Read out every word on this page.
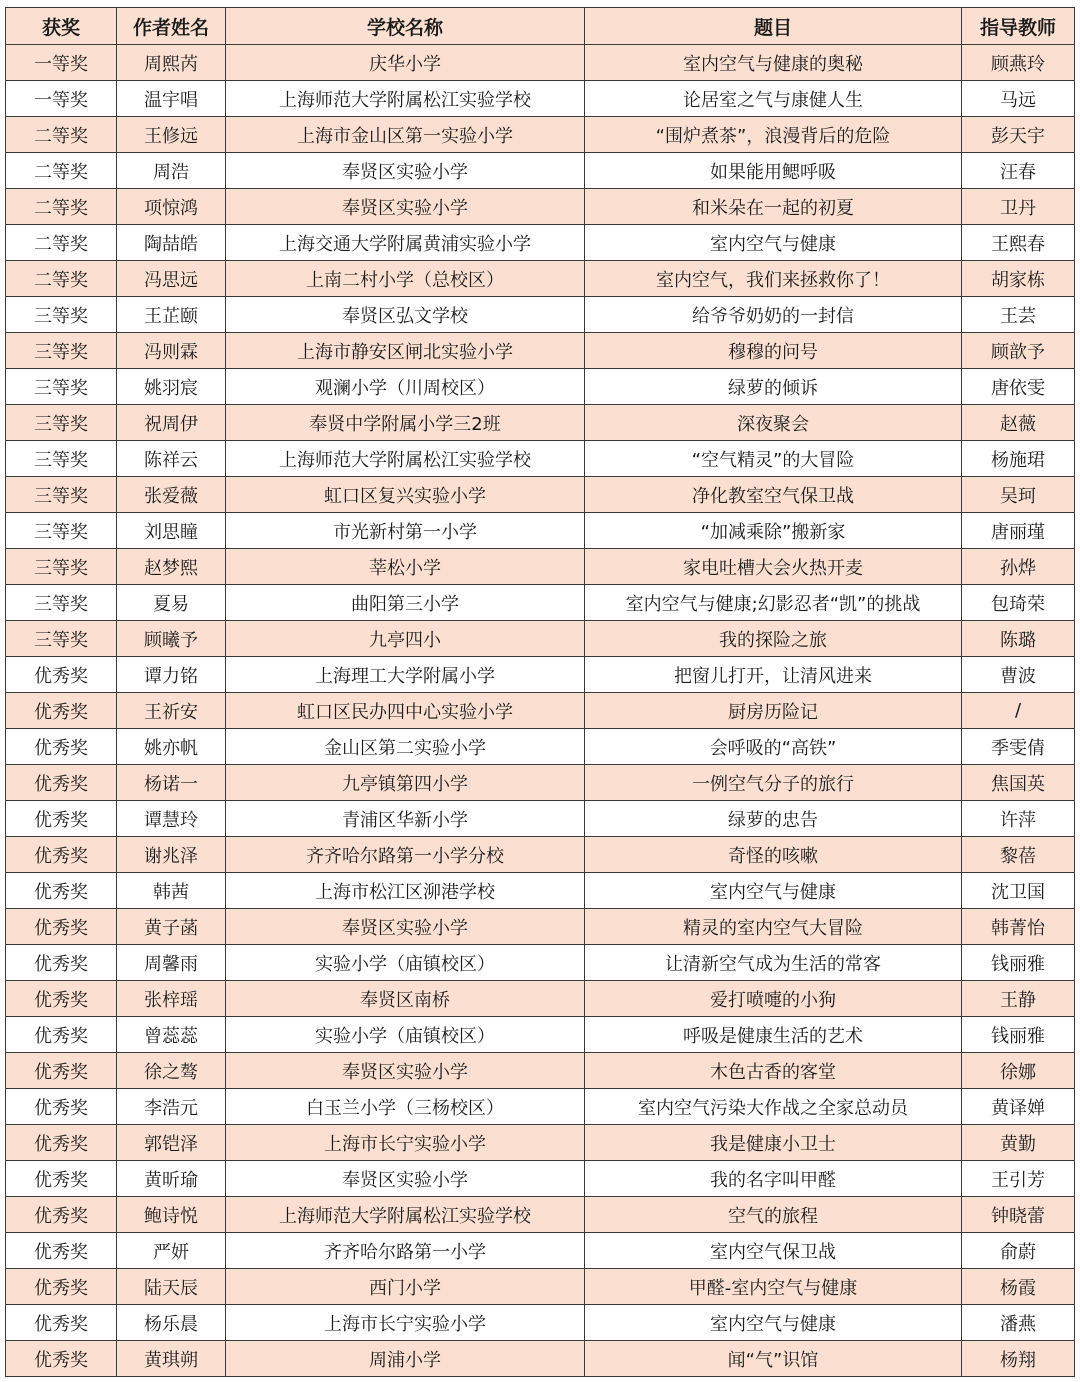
获奖	作者姓名	学校名称	题目	指导教师
一等奖	周熙芮	庆华小学	室内空气与健康的奥秘	顾燕玲
一等奖	温宇唱	上海师范大学附属松江实验学校	论居室之气与康健人生	马远
二等奖	王修远	上海市金山区第一实验小学	“围炉煮茶”，浪漫背后的危险	彭天宇
二等奖	周浩	奉贤区实验小学	如果能用鳃呼吸	汪春
二等奖	项惊鸿	奉贤区实验小学	和米朵在一起的初夏	卫丹
二等奖	陶喆皓	上海交通大学附属黄浦实验小学	室内空气与健康	王熙春
二等奖	冯思远	上南二村小学（总校区）	室内空气，我们来拯救你了！	胡家栋
三等奖	王芷颐	奉贤区弘文学校	给爷爷奶奶的一封信	王芸
三等奖	冯则霖	上海市静安区闸北实验小学	穆穆的问号	顾歆予
三等奖	姚羽宸	观澜小学（川周校区）	绿萝的倾诉	唐依雯
三等奖	祝周伊	奉贤中学附属小学三2班	深夜聚会	赵薇
三等奖	陈祥云	上海师范大学附属松江实验学校	“空气精灵”的大冒险	杨施珺
三等奖	张爱薇	虹口区复兴实验小学	净化教室空气保卫战	吴珂
三等奖	刘思瞳	市光新村第一小学	“加减乘除”搬新家	唐丽瑾
三等奖	赵梦熙	莘松小学	家电吐槽大会火热开麦	孙烨
三等奖	夏易	曲阳第三小学	室内空气与健康;幻影忍者“凯”的挑战	包琦荣
三等奖	顾曦予	九亭四小	我的探险之旅	陈璐
优秀奖	谭力铭	上海理工大学附属小学	把窗儿打开，让清风进来	曹波
优秀奖	王祈安	虹口区民办四中心实验小学	厨房历险记	/
优秀奖	姚亦帆	金山区第二实验小学	会呼吸的“高铁”	季雯倩
优秀奖	杨诺一	九亭镇第四小学	一例空气分子的旅行	焦国英
优秀奖	谭慧玲	青浦区华新小学	绿萝的忠告	许萍
优秀奖	谢兆泽	齐齐哈尔路第一小学分校	奇怪的咳嗽	黎蓓
优秀奖	韩茜	上海市松江区泖港学校	室内空气与健康	沈卫国
优秀奖	黄子菡	奉贤区实验小学	精灵的室内空气大冒险	韩菁怡
优秀奖	周馨雨	实验小学（庙镇校区）	让清新空气成为生活的常客	钱丽雅
优秀奖	张梓瑶	奉贤区南桥	爱打喷嚏的小狗	王静
优秀奖	曾蕊蕊	实验小学（庙镇校区）	呼吸是健康生活的艺术	钱丽雅
优秀奖	徐之骜	奉贤区实验小学	木色古香的客堂	徐娜
优秀奖	李浩元	白玉兰小学（三杨校区）	室内空气污染大作战之全家总动员	黄译婵
优秀奖	郭铠泽	上海市长宁实验小学	我是健康小卫士	黄勤
优秀奖	黄昕瑜	奉贤区实验小学	我的名字叫甲醛	王引芳
优秀奖	鲍诗悦	上海师范大学附属松江实验学校	空气的旅程	钟晓蕾
优秀奖	严妍	齐齐哈尔路第一小学	室内空气保卫战	俞蔚
优秀奖	陆天辰	西门小学	甲醛-室内空气与健康	杨霞
优秀奖	杨乐晨	上海市长宁实验小学	室内空气与健康	潘燕
优秀奖	黄琪朔	周浦小学	闻“气”识馆	杨翔
